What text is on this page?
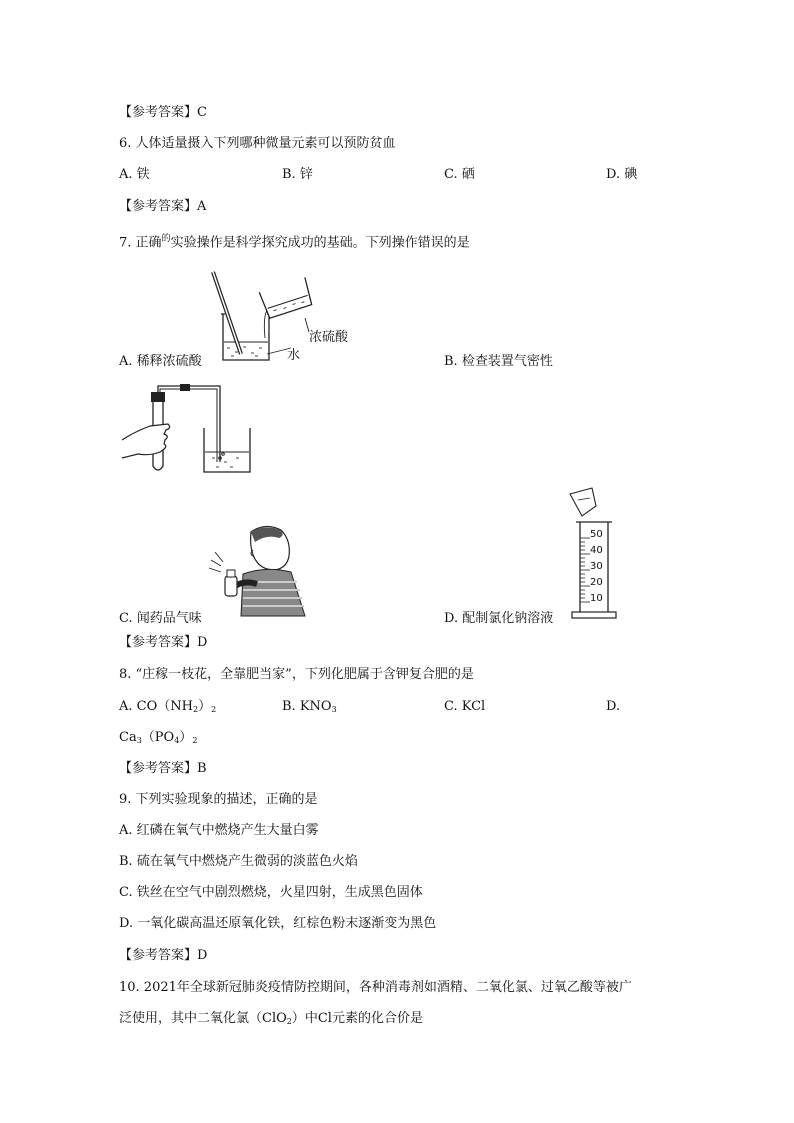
【参考答案】C
6. 人体适量摄入下列哪种微量元素可以预防贫血
A. 铁	B. 锌	C. 硒	D. 碘
【参考答案】A
7. 正确$^的$实验操作是科学探究成功的基础。下列操作错误的是
浓硫酸
水
A. 稀释浓硫酸	B. 检查装置气密性
50
40
30
20
10
C. 闻药品气味	D. 配制氯化钠溶液
【参考答案】D
8. “庄稼一枝花，全靠肥当家”，下列化肥属于含钾复合肥的是
A. $CO(NH_2)_2$	B. $KNO_3$	C. KCl	D.
$Ca_3(PO_4)_2$
【参考答案】B
9. 下列实验现象的描述，正确的是
A. 红磷在氧气中燃烧产生大量白雾
B. 硫在氧气中燃烧产生微弱的淡蓝色火焰
C. 铁丝在空气中剧烈燃烧，火星四射，生成黑色固体
D. 一氧化碳高温还原氧化铁，红棕色粉末逐渐变为黑色
【参考答案】D
10. 2021年全球新冠肺炎疫情防控期间，各种消毒剂如酒精、二氧化氯、过氧乙酸等被广
泛使用，其中二氧化氯（ClO$_2$）中Cl元素的化合价是
